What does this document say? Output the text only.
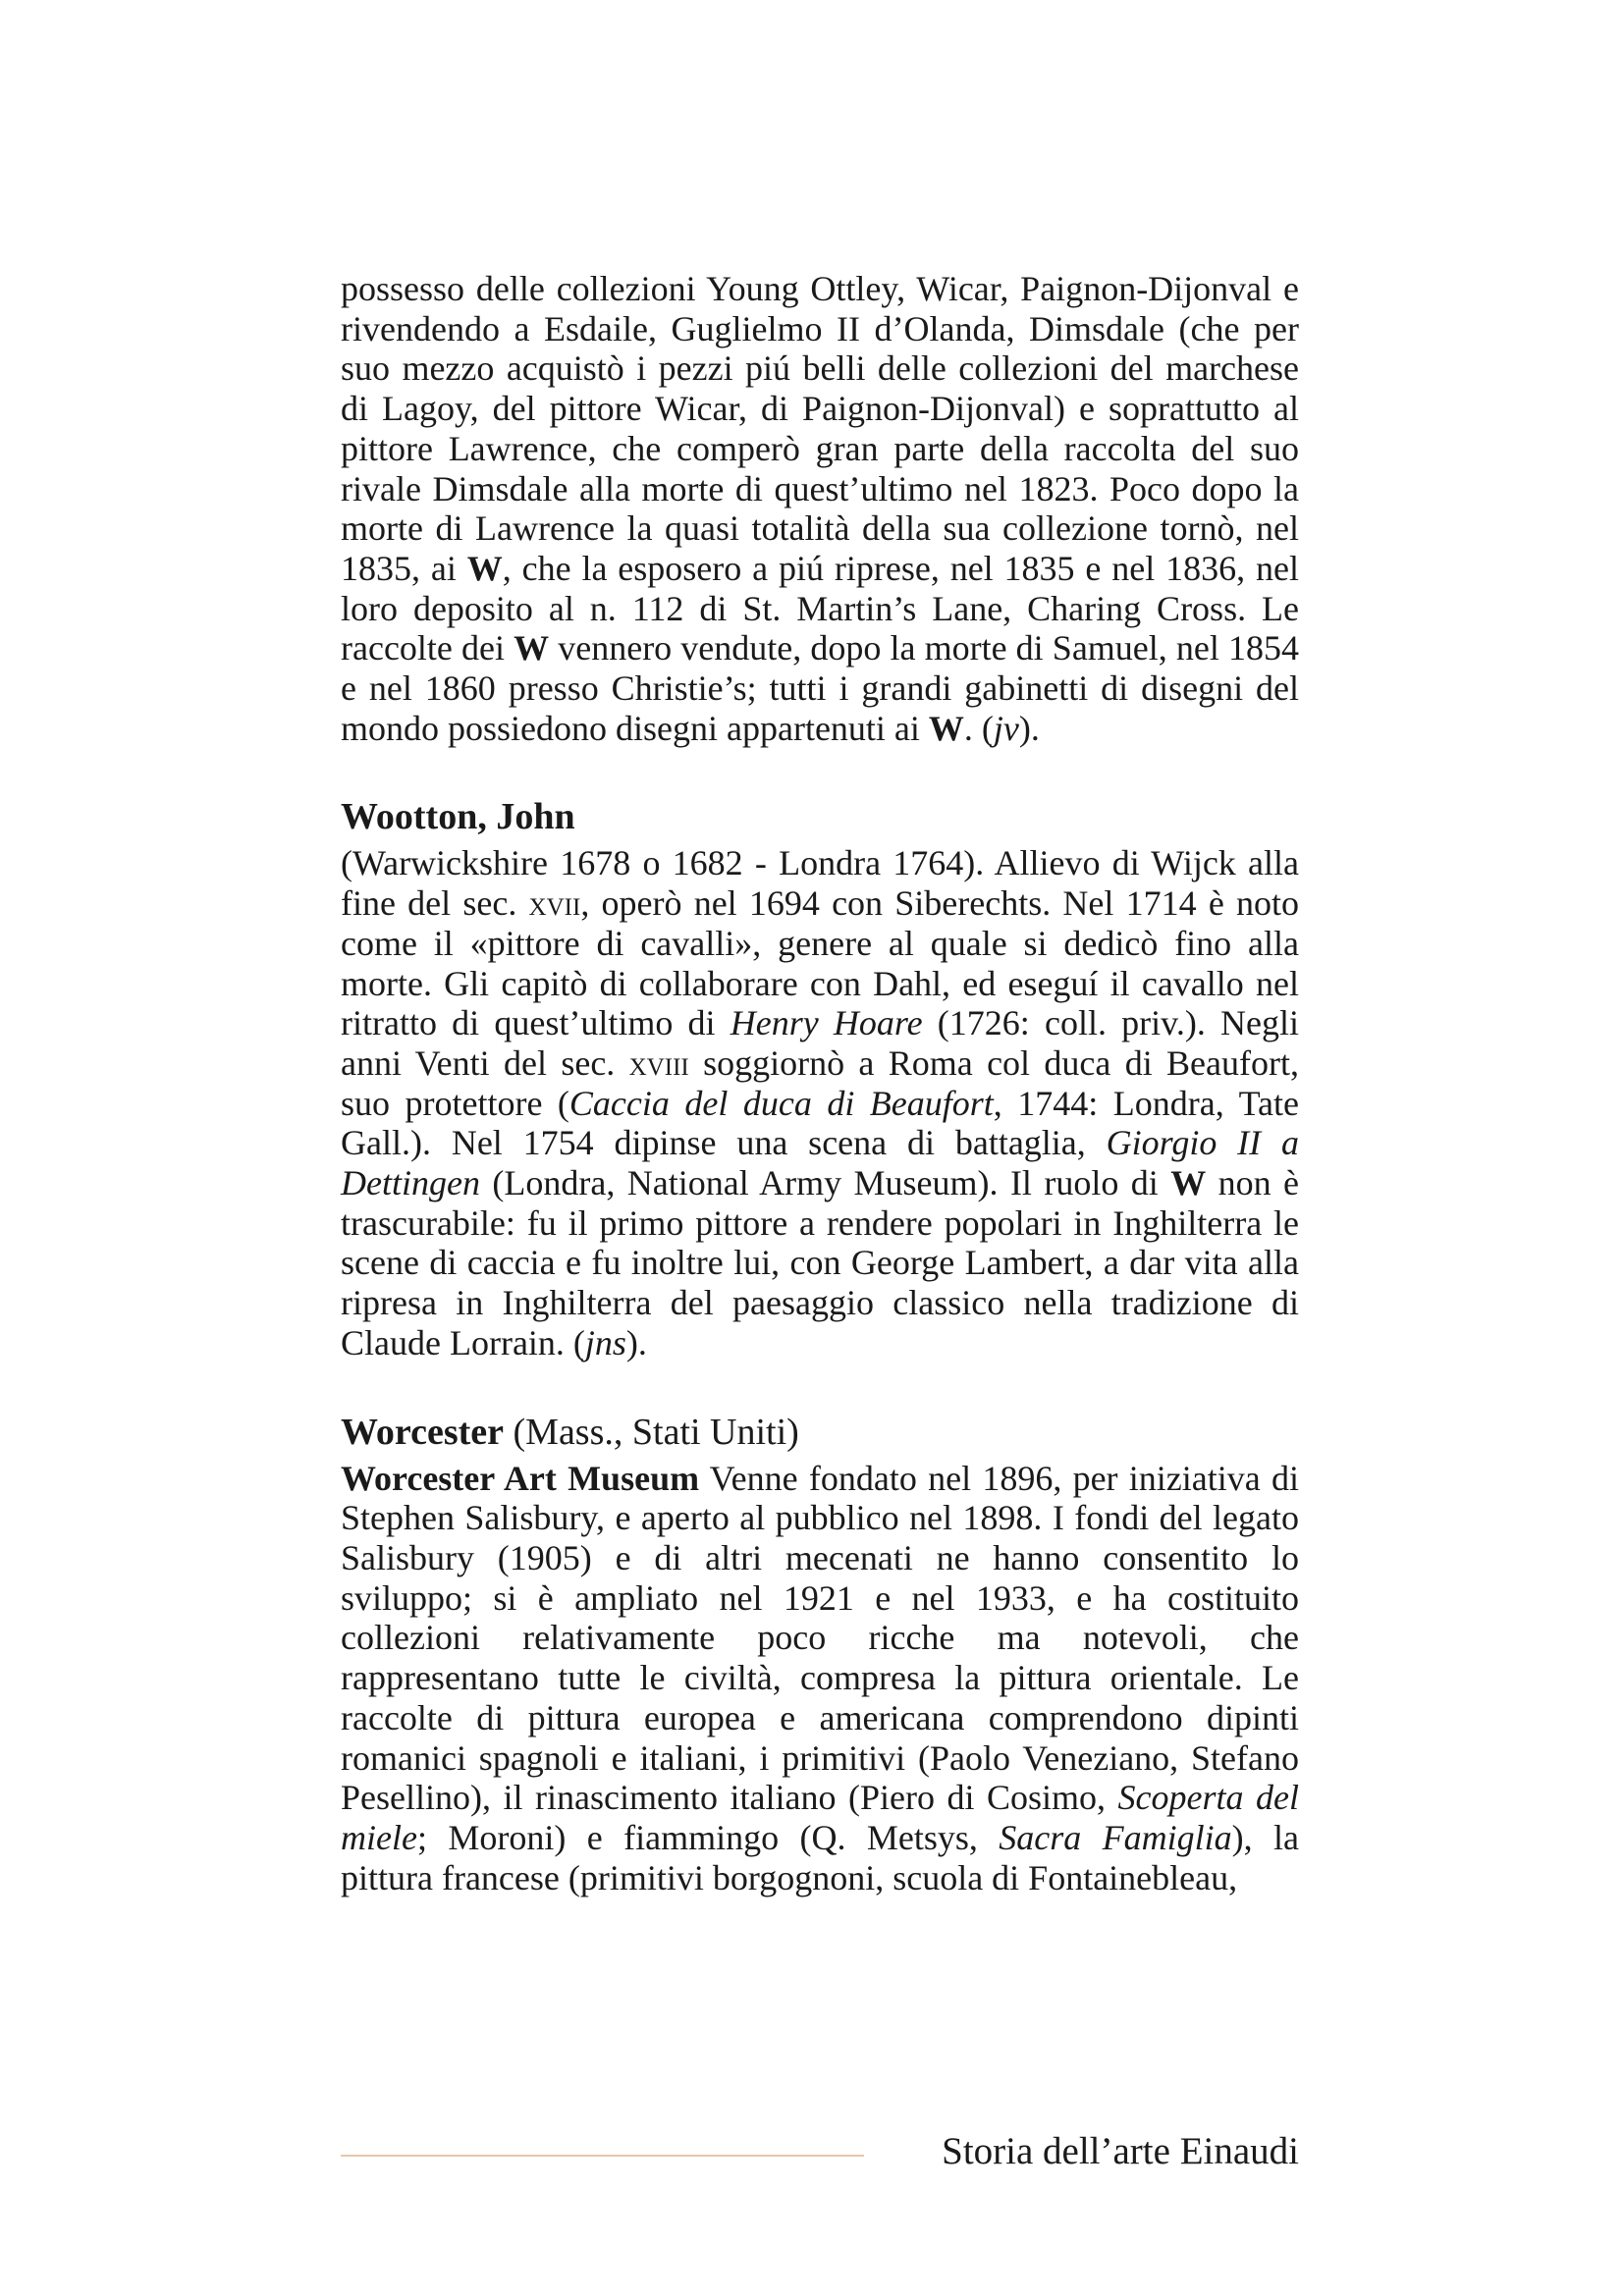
possesso delle collezioni Young Ottley, Wicar, Paignon-Dijonval e rivendendo a Esdaile, Guglielmo II d’Olanda, Dimsdale (che per suo mezzo acquistò i pezzi piú belli delle collezioni del marchese di Lagoy, del pittore Wicar, di Paignon-Dijonval) e soprattutto al pittore Lawrence, che comperò gran parte della raccolta del suo rivale Dimsdale alla morte di quest’ultimo nel 1823. Poco dopo la morte di Lawrence la quasi totalità della sua collezione tornò, nel 1835, ai W, che la esposero a piú riprese, nel 1835 e nel 1836, nel loro deposito al n. 112 di St. Martin’s Lane, Charing Cross. Le raccolte dei W vennero vendute, dopo la morte di Samuel, nel 1854 e nel 1860 presso Christie’s; tutti i grandi gabinetti di disegni del mondo possiedono disegni appartenuti ai W. (jv).

Wootton, John

(Warwickshire 1678 o 1682 - Londra 1764). Allievo di Wijck alla fine del sec. xvii, operò nel 1694 con Siberechts. Nel 1714 è noto come il «pittore di cavalli», genere al quale si dedicò fino alla morte. Gli capitò di collaborare con Dahl, ed eseguí il cavallo nel ritratto di quest’ultimo di Henry Hoare (1726: coll. priv.). Negli anni Venti del sec. xviii soggiornò a Roma col duca di Beaufort, suo protettore (Caccia del duca di Beaufort, 1744: Londra, Tate Gall.). Nel 1754 dipinse una scena di battaglia, Giorgio II a Dettingen (Londra, National Army Museum). Il ruolo di W non è trascurabile: fu il primo pittore a rendere popolari in Inghilterra le scene di caccia e fu inoltre lui, con George Lambert, a dar vita alla ripresa in Inghilterra del paesaggio classico nella tradizione di Claude Lorrain. (jns).

Worcester (Mass., Stati Uniti)

Worcester Art Museum Venne fondato nel 1896, per iniziativa di Stephen Salisbury, e aperto al pubblico nel 1898. I fondi del legato Salisbury (1905) e di altri mecenati ne hanno consentito lo sviluppo; si è ampliato nel 1921 e nel 1933, e ha costituito collezioni relativamente poco ricche ma notevoli, che rappresentano tutte le civiltà, compresa la pittura orientale. Le raccolte di pittura europea e americana comprendono dipinti romanici spagnoli e italiani, i primitivi (Paolo Veneziano, Stefano Pesellino), il rinascimento italiano (Piero di Cosimo, Scoperta del miele; Moroni) e fiammingo (Q. Metsys, Sacra Famiglia), la pittura francese (primitivi borgognoni, scuola di Fontainebleau,

Storia dell’arte Einaudi
